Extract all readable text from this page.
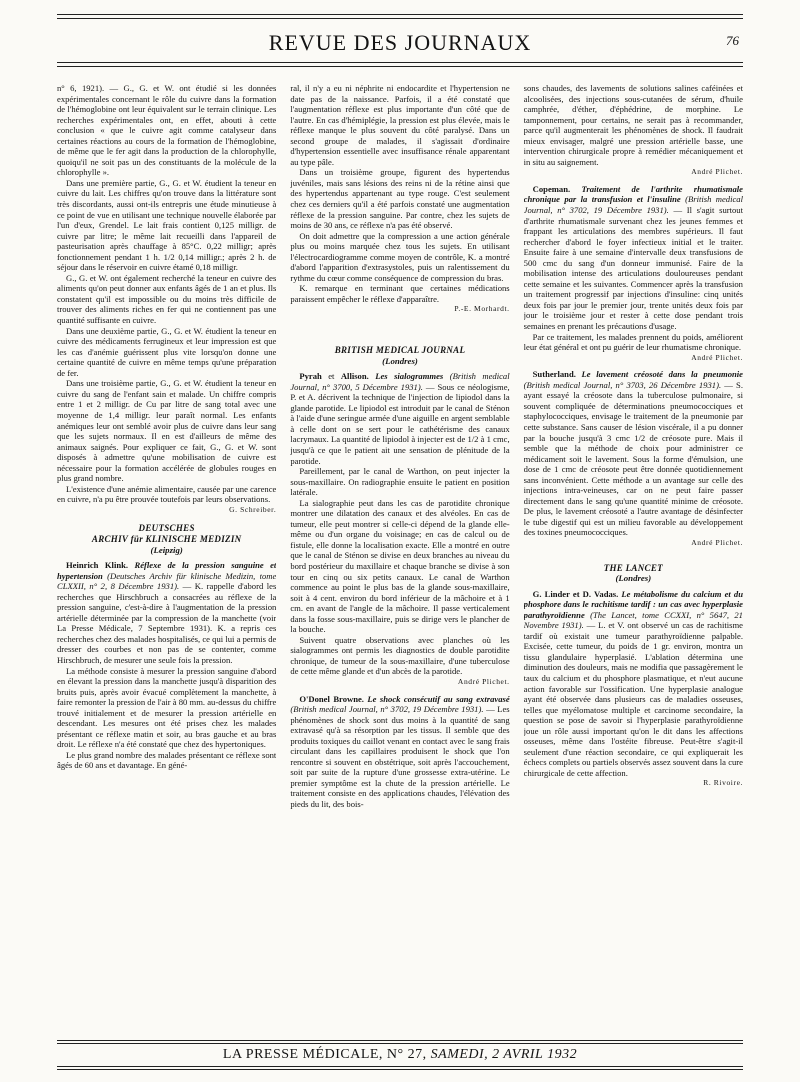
REVUE DES JOURNAUX	76

n° 6, 1921). — G., G. et W. ont étudié si les données expérimentales concernant le rôle du cuivre dans la formation de l'hémoglobine ont leur équivalent sur le terrain clinique. Les recherches expérimentales ont, en effet, abouti à cette conclusion « que le cuivre agit comme catalyseur dans certaines réactions au cours de la formation de l'hémoglobine, de même que le fer agit dans la production de la chlorophylle, quoiqu'il ne soit pas un des constituants de la molécule de la chlorophylle ».

Dans une première partie, G., G. et W. étudient la teneur en cuivre du lait. Les chiffres qu'on trouve dans la littérature sont très discordants, aussi ont-ils entrepris une étude minutieuse à ce point de vue en utilisant une technique nouvelle élaborée par l'un d'eux, Grendel. Le lait frais contient 0,125 milligr. de cuivre par litre; le même lait recueilli dans l'appareil de pasteurisation après chauffage à 85°C. 0,22 milligr; après fonctionnement pendant 1 h. 1/2 0,14 milligr.; après 2 h. de séjour dans le réservoir en cuivre étamé 0,18 milligr.

G., G. et W. ont également recherché la teneur en cuivre des aliments qu'on peut donner aux enfants âgés de 1 an et plus. Ils constatent qu'il est impossible ou du moins très difficile de trouver des aliments riches en fer qui ne contiennent pas une quantité suffisante en cuivre.

Dans une deuxième partie, G., G. et W. étudient la teneur en cuivre des médicaments ferrugineux et leur impression est que les cas d'anémie guérissent plus vite lorsqu'on donne une certaine quantité de cuivre en même temps qu'une préparation de fer.

Dans une troisième partie, G., G. et W. étudient la teneur en cuivre du sang de l'enfant sain et malade. Un chiffre compris entre 1 et 2 milligr. de Cu par litre de sang total avec une moyenne de 1,4 milligr. leur paraît normal. Les enfants anémiques leur ont semblé avoir plus de cuivre dans leur sang que les sujets normaux. Il en est d'ailleurs de même des animaux saignés. Pour expliquer ce fait, G., G. et W. sont disposés à admettre qu'une mobilisation de cuivre est nécessaire pour la formation accélérée de globules rouges en plus grand nombre.

L'existence d'une anémie alimentaire, causée par une carence en cuivre, n'a pu être prouvée toutefois par leurs observations.

G. Schreiber.

DEUTSCHES
ARCHIV für KLINISCHE MEDIZIN
(Leipzig)

Heinrich Klink. Réflexe de la pression sanguine et hypertension (Deutsches Archiv für klinische Medizin, tome CLXXII, n° 2, 8 Décembre 1931). — K. rappelle d'abord les recherches que Hirschbruch a consacrées au réflexe de la pression sanguine, c'est-à-dire à l'augmentation de la pression artérielle déterminée par la compression de la manchette (voir La Presse Médicale, 7 Septembre 1931). K. a repris ces recherches chez des malades hospitalisés, ce qui lui a permis de dresser des courbes et non pas de se contenter, comme Hirschbruch, de mesurer une seule fois la pression.

La méthode consiste à mesurer la pression sanguine d'abord en élevant la pression dans la manchette jusqu'à disparition des bruits puis, après avoir évacué complètement la manchette, à faire remonter la pression de l'air à 80 mm. au-dessus du chiffre trouvé initialement et de mesurer la pression artérielle en descendant. Les mesures ont été prises chez les malades présentant ce réflexe matin et soir, au bras gauche et au bras droit. Le réflexe n'a été constaté que chez des hypertoniques.

Le plus grand nombre des malades présentant ce réflexe sont âgés de 60 ans et davantage. En géné-

ral, il n'y a eu ni néphrite ni endocardite et l'hypertension ne date pas de la naissance. Parfois, il a été constaté que l'augmentation réflexe est plus importante d'un côté que de l'autre. En cas d'hémiplégie, la pression est plus élevée, mais le réflexe manque le plus souvent du côté paralysé. Dans un second groupe de malades, il s'agissait d'ordinaire d'hypertension essentielle avec insuffisance rénale apparentant au type pâle.

Dans un troisième groupe, figurent des hypertendus juvéniles, mais sans lésions des reins ni de la rétine ainsi que des hypertendus appartenant au type rouge. C'est seulement chez ces derniers qu'il a été parfois constaté une augmentation réflexe de la pression sanguine. Par contre, chez les sujets de moins de 30 ans, ce réflexe n'a pas été observé.

On doit admettre que la compression a une action générale plus ou moins marquée chez tous les sujets. En utilisant l'électrocardiogramme comme moyen de contrôle, K. a montré d'abord l'apparition d'extrasystoles, puis un ralentissement du rythme du cœur comme conséquence de compression du bras.

K. remarque en terminant que certaines médications paraissent empêcher le réflexe d'apparaître.

P.-E. Morhardt.

BRITISH MEDICAL JOURNAL
(Londres)

Pyrah et Allison. Les sialogrammes (British medical Journal, n° 3700, 5 Décembre 1931). — Sous ce néologisme, P. et A. décrivent la technique de l'injection de lipiodol dans la glande parotide. Le lipiodol est introduit par le canal de Sténon à l'aide d'une seringue armée d'une aiguille en argent semblable à celle dont on se sert pour le cathétérisme des canaux lacrymaux. La quantité de lipiodol à injecter est de 1/2 à 1 cmc, jusqu'à ce que le patient ait une sensation de plénitude de la parotide.

Pareillement, par le canal de Warthon, on peut injecter la sous-maxillaire. On radiographie ensuite le patient en position latérale.

La sialographie peut dans les cas de parotidite chronique montrer une dilatation des canaux et des alvéoles. En cas de tumeur, elle peut montrer si celle-ci dépend de la glande elle-même ou d'un organe du voisinage; en cas de calcul ou de fistule, elle donne la localisation exacte. Elle a montré en outre que le canal de Sténon se divise en deux branches au niveau du bord postérieur du maxillaire et chaque branche se divise à son tour en cinq ou six petits canaux. Le canal de Warthon commence au point le plus bas de la glande sous-maxillaire, soit à 4 cent. environ du bord inférieur de la mâchoire et à 1 cm. en avant de l'angle de la mâchoire. Il passe verticalement dans la fosse sous-maxillaire, puis se dirige vers le plancher de la bouche.

Suivent quatre observations avec planches où les sialogrammes ont permis les diagnostics de double parotidite chronique, de tumeur de la sous-maxillaire, d'une tuberculose de cette même glande et d'un abcès de la parotide.

André Plichet.

O'Donel Browne. Le shock consécutif au sang extravasé (British medical Journal, n° 3702, 19 Décembre 1931). — Les phénomènes de shock sont dus moins à la quantité de sang extravasé qu'à sa résorption par les tissus. Il semble que des produits toxiques du caillot venant en contact avec le sang frais circulant dans les capillaires produisent le shock que l'on rencontre si souvent en obstétrique, soit après l'accouchement, soit par suite de la rupture d'une grossesse extra-utérine. Le premier symptôme est la chute de la pression artérielle. Le traitement consiste en des applications chaudes, l'élévation des pieds du lit, des bois-

sons chaudes, des lavements de solutions salines caféinées et alcoolisées, des injections sous-cutanées de sérum, d'huile camphrée, d'éther, d'éphédrine, de morphine. Le tamponnement, pour certains, ne serait pas à recommander, parce qu'il augmenterait les phénomènes de shock. Il faudrait mieux envisager, malgré une pression artérielle basse, une intervention chirurgicale propre à remédier mécaniquement et in situ au saignement.

André Plichet.

Copeman. Traitement de l'arthrite rhumatismale chronique par la transfusion et l'insuline (British medical Journal, n° 3702, 19 Décembre 1931). — Il s'agit surtout d'arthrite rhumatismale survenant chez les jeunes femmes et frappant les articulations des membres supérieurs. Il faut rechercher d'abord le foyer infectieux initial et le traiter. Ensuite faire à une semaine d'intervalle deux transfusions de 500 cmc du sang d'un donneur immunisé. Faire de la mobilisation intense des articulations douloureuses pendant cette semaine et les suivantes. Commencer après la transfusion un traitement progressif par injections d'insuline: cinq unités deux fois par jour le premier jour, trente unités deux fois par jour le troisième jour et rester à cette dose pendant trois semaines en prenant les précautions d'usage.

Par ce traitement, les malades prennent du poids, améliorent leur état général et ont pu guérir de leur rhumatisme chronique.

André Plichet.

Sutherland. Le lavement créosoté dans la pneumonie (British medical Journal, n° 3703, 26 Décembre 1931). — S. ayant essayé la créosote dans la tuberculose pulmonaire, si souvent compliquée de déterminations pneumococciques et staphylococciques, envisage le traitement de la pneumonie par cette substance. Sans causer de lésion viscérale, il a pu donner par la bouche jusqu'à 3 cmc 1/2 de créosote pure. Mais il semble que la méthode de choix pour administrer ce médicament soit le lavement. Sous la forme d'émulsion, une dose de 1 cmc de créosote peut être donnée quotidiennement sans inconvénient. Cette méthode a un avantage sur celle des injections intra-veineuses, car on ne peut faire passer directement dans le sang qu'une quantité minime de créosote. De plus, le lavement créosoté a l'autre avantage de désinfecter le tube digestif qui est un milieu favorable au développement des toxines pneumococciques.

André Plichet.

THE LANCET
(Londres)

G. Linder et D. Vadas. Le métabolisme du calcium et du phosphore dans le rachitisme tardif : un cas avec hyperplasie parathyroïdienne (The Lancet, tome CCXXI, n° 5647, 21 Novembre 1931). — L. et V. ont observé un cas de rachitisme tardif où existait une tumeur parathyroïdienne palpable. Excisée, cette tumeur, du poids de 1 gr. environ, montra un tissu glandulaire hyperplasié. L'ablation détermina une diminution des douleurs, mais ne modifia que passagèrement le taux du calcium et du phosphore plasmatique, et n'eut aucune action favorable sur l'ossification. Une hyperplasie analogue ayant été observée dans plusieurs cas de maladies osseuses, telles que myélomatose multiple et carcinome secondaire, la question se pose de savoir si l'hyperplasie parathyroïdienne joue un rôle aussi important qu'on le dit dans les affections osseuses, même dans l'ostéite fibreuse. Peut-être s'agit-il seulement d'une réaction secondaire, ce qui expliquerait les échecs complets ou partiels observés assez souvent dans la cure chirurgicale de cette affection.

R. Rivoire.

LA PRESSE MÉDICALE, N° 27, SAMEDI, 2 AVRIL 1932
